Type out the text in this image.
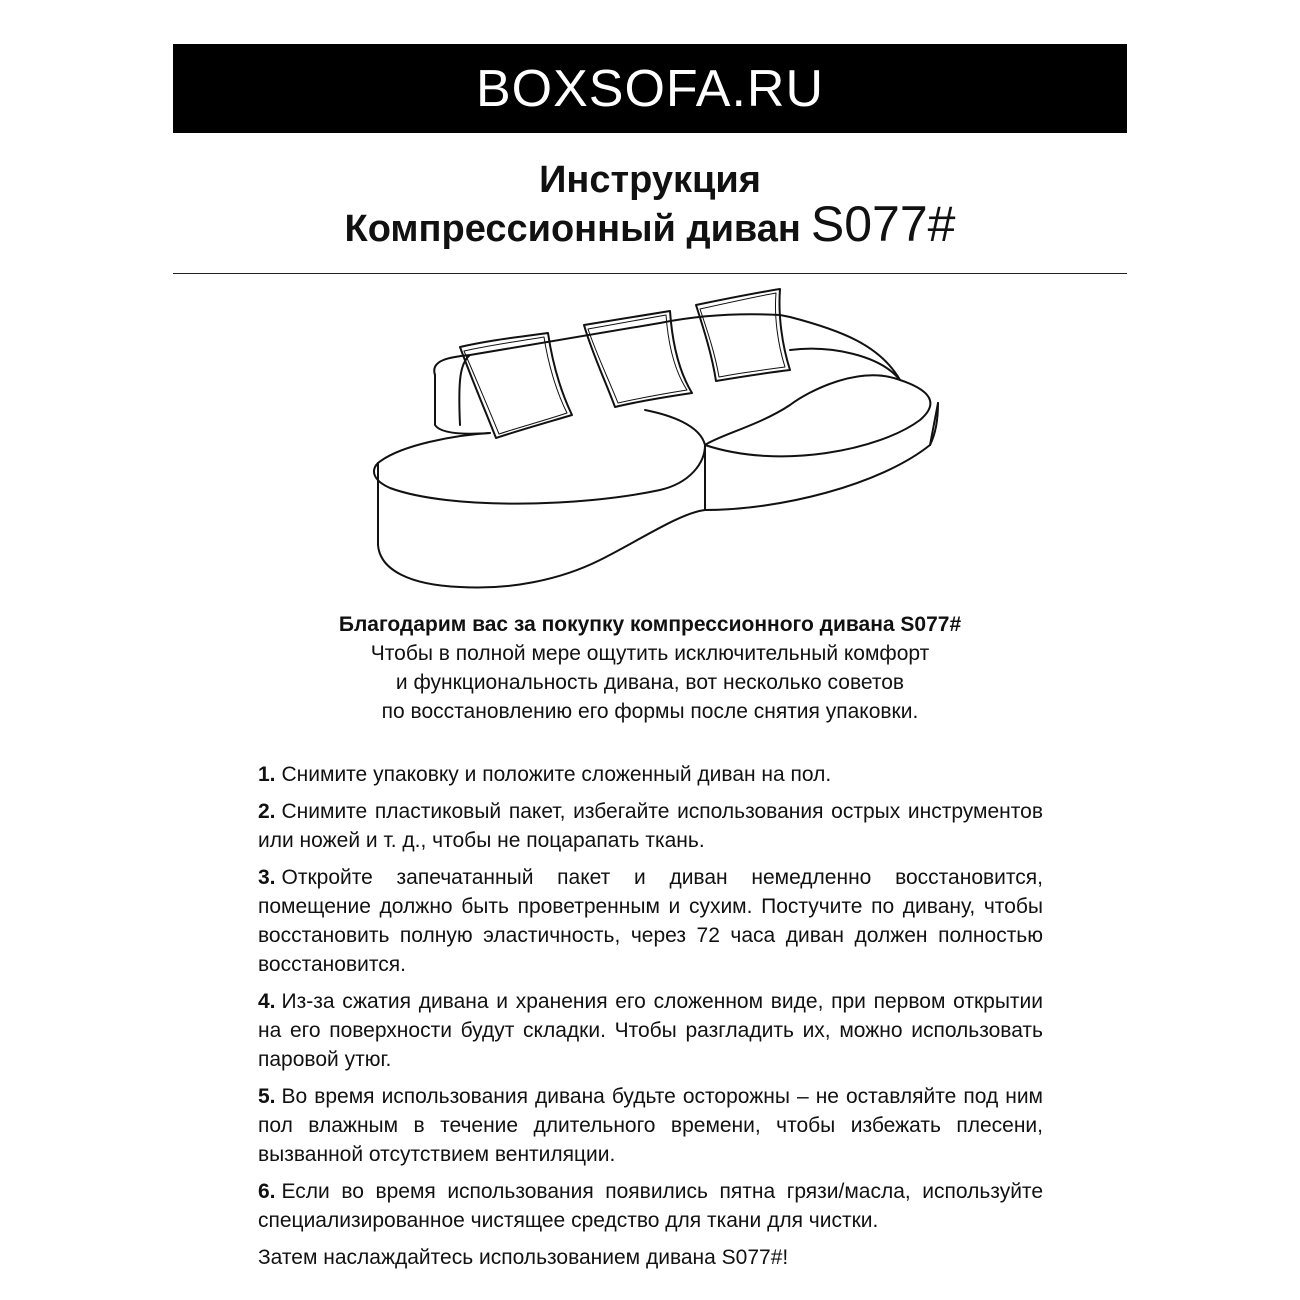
BOXSOFA.RU
Инструкция
Компрессионный диван S077#
Благодарим вас за покупку компрессионного дивана S077#
Чтобы в полной мере ощутить исключительный комфорт
и функциональность дивана, вот несколько советов
по восстановлению его формы после снятия упаковки.
1. Снимите упаковку и положите сложенный диван на пол.
2. Снимите пластиковый пакет, избегайте использования острых инструментов или ножей и т. д., чтобы не поцарапать ткань.
3. Откройте запечатанный пакет и диван немедленно восстановится, помещение должно быть проветренным и сухим. Постучите по дивану, чтобы восстановить полную эластичность, через 72 часа диван должен полностью восстановится.
4. Из-за сжатия дивана и хранения его сложенном виде, при первом открытии на его поверхности будут складки. Чтобы разгладить их, можно использовать паровой утюг.
5. Во время использования дивана будьте осторожны – не оставляйте под ним пол влажным в течение длительного времени, чтобы избежать плесени, вызванной отсутствием вентиляции.
6. Если во время использования появились пятна грязи/масла, используйте специализированное чистящее средство для ткани для чистки.
Затем наслаждайтесь использованием дивана S077#!
